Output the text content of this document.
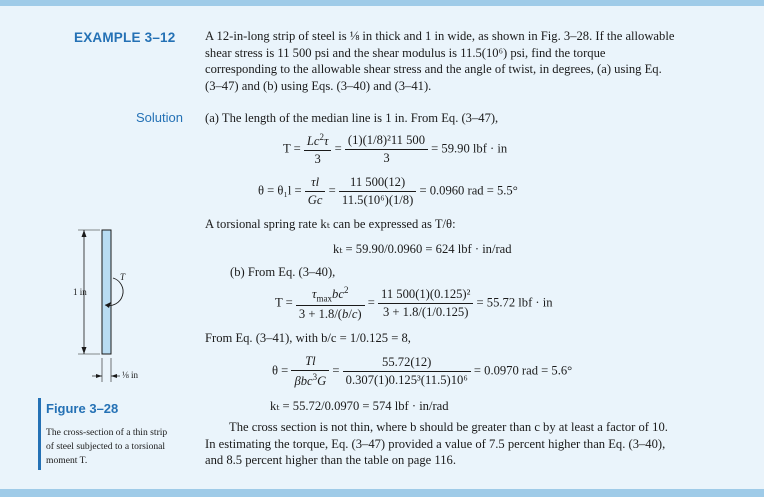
EXAMPLE 3–12 A 12-in-long strip of steel is ⅛ in thick and 1 in wide, as shown in Fig. 3–28. If the allowable shear stress is 11 500 psi and the shear modulus is 11.5(10⁶) psi, find the torque corresponding to the allowable shear stress and the angle of twist, in degrees, (a) using Eq. (3–47) and (b) using Eqs. (3–40) and (3–41).
Solution (a) The length of the median line is 1 in. From Eq. (3–47),
$T = \frac{Lc^2\tau}{3} = \frac{\text{(1)(1/8)²11 500}}{3} = 59.90$ lbf · in
$\theta = \theta_1l = \frac{\tau l}{Gc} = \frac{11 500(12)}{\text{11.5(10⁶)(1/8)}} = 0.0960$ rad = 5.5°
A torsional spring rate kₜ can be expressed as T/θ:
kₜ = 59.90/0.0960 = 624 lbf · in/rad
(b) From Eq. (3–40),
$T = \frac{\tau_{max}bc^2}{3 + 1.8/(b/c)} = \frac{\text{11 500(1)(0.125)²}}{3 + 1.8/(1/0.125)} = 55.72$ lbf · in
From Eq. (3–41), with b/c = 1/0.125 = 8,
$\theta = \frac{Tl}{\beta bc^3G} = \frac{55.72(12)}{\text{0.307(1)0.125³(11.5)10⁶}} = 0.0970$ rad = 5.6°
kₜ = 55.72/0.0970 = 574 lbf · in/rad
The cross section is not thin, where b should be greater than c by at least a factor of 10. In estimating the torque, Eq. (3–47) provided a value of 7.5 percent higher than Eq. (3–40), and 8.5 percent higher than the table on page 116.
1 in
T
⅛ in
Figure 3–28
The cross-section of a thin strip of steel subjected to a torsional moment T.
